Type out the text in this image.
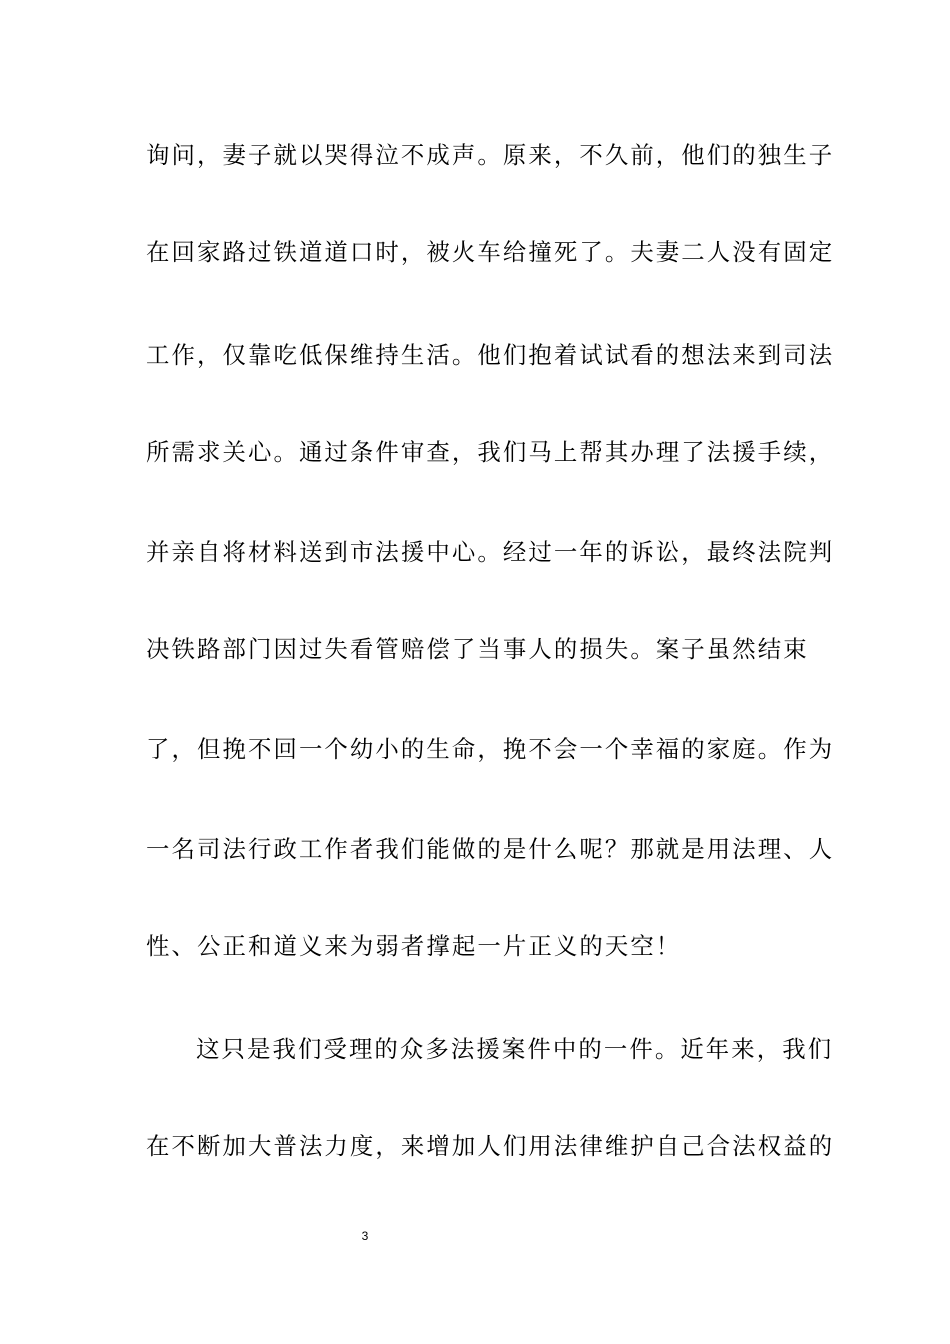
询问，妻子就以哭得泣不成声。原来，不久前，他们的独生子
在回家路过铁道道口时，被火车给撞死了。夫妻二人没有固定
工作，仅靠吃低保维持生活。他们抱着试试看的想法来到司法
所需求关心。通过条件审查，我们马上帮其办理了法援手续，
并亲自将材料送到市法援中心。经过一年的诉讼，最终法院判
决铁路部门因过失看管赔偿了当事人的损失。案子虽然结束
了，但挽不回一个幼小的生命，挽不会一个幸福的家庭。作为
一名司法行政工作者我们能做的是什么呢？那就是用法理、人
性、公正和道义来为弱者撑起一片正义的天空！
这只是我们受理的众多法援案件中的一件。近年来，我们
在不断加大普法力度，来增加人们用法律维护自己合法权益的
3
